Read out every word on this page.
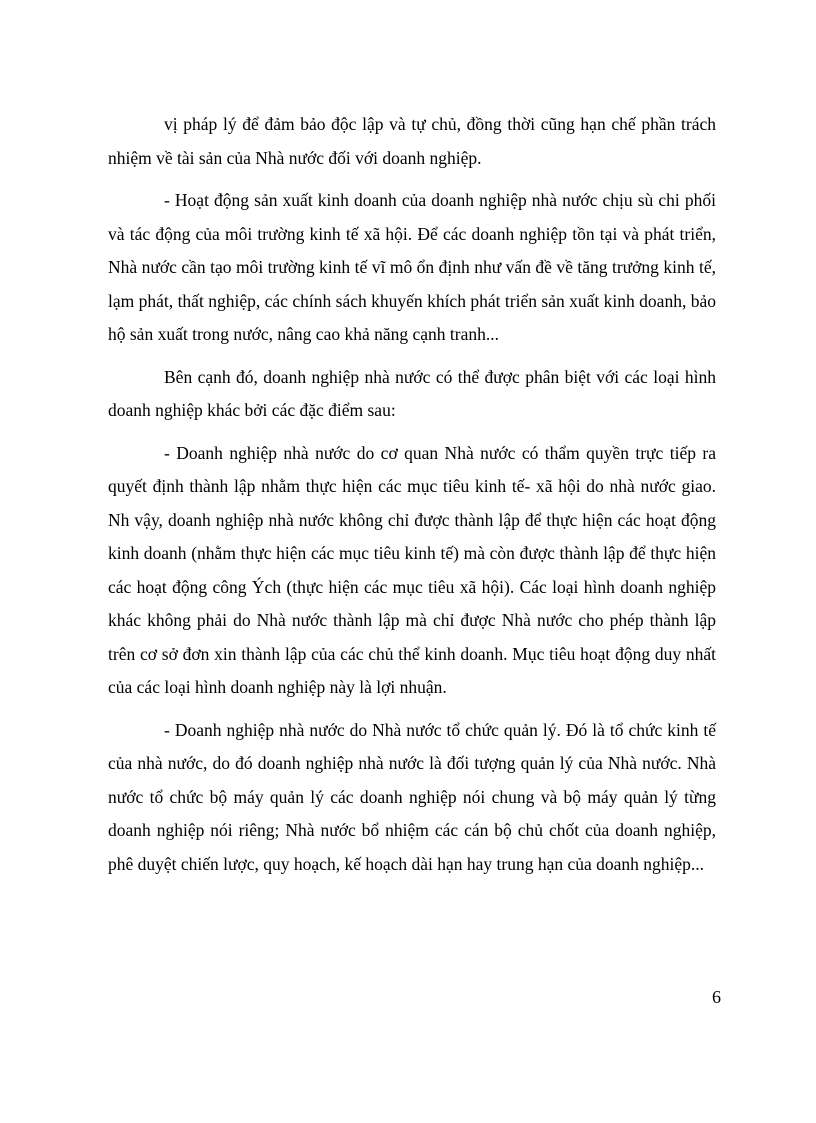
vị pháp lý để đảm bảo độc lập và tự chủ, đồng thời cũng hạn chế phần trách nhiệm về tài sản của Nhà nước đối với doanh nghiệp.

- Hoạt động sản xuất kinh doanh của doanh nghiệp nhà nước chịu sù chi phối và tác động của môi trường kinh tế xã hội. Để các doanh nghiệp tồn tại và phát triển, Nhà nước cần tạo môi trường kinh tế vĩ mô ổn định như vấn đề về tăng trưởng kinh tế, lạm phát, thất nghiệp, các chính sách khuyến khích phát triển sản xuất kinh doanh, bảo hộ sản xuất trong nước, nâng cao khả năng cạnh tranh...

Bên cạnh đó, doanh nghiệp nhà nước có thể được phân biệt với các loại hình doanh nghiệp khác bởi các đặc điểm sau:

- Doanh nghiệp nhà nước do cơ quan Nhà nước có thẩm quyền trực tiếp ra quyết định thành lập nhằm thực hiện các mục tiêu kinh tế- xã hội do nhà nước giao. Nh vậy, doanh nghiệp nhà nước không chỉ được thành lập để thực hiện các hoạt động kinh doanh (nhằm thực hiện các mục tiêu kinh tế) mà còn được thành lập để thực hiện các hoạt động công Ých (thực hiện các mục tiêu xã hội). Các loại hình doanh nghiệp khác không phải do Nhà nước thành lập mà chỉ được Nhà nước cho phép thành lập trên cơ sở đơn xin thành lập của các chủ thể kinh doanh. Mục tiêu hoạt động duy nhất của các loại hình doanh nghiệp này là lợi nhuận.

- Doanh nghiệp nhà nước do Nhà nước tổ chức quản lý. Đó là tổ chức kinh tế của nhà nước, do đó doanh nghiệp nhà nước là đối tượng quản lý của Nhà nước. Nhà nước tổ chức bộ máy quản lý các doanh nghiệp nói chung và bộ máy quản lý từng doanh nghiệp nói riêng; Nhà nước bổ nhiệm các cán bộ chủ chốt của doanh nghiệp, phê duyệt chiến lược, quy hoạch, kế hoạch dài hạn hay trung hạn của doanh nghiệp...

6
